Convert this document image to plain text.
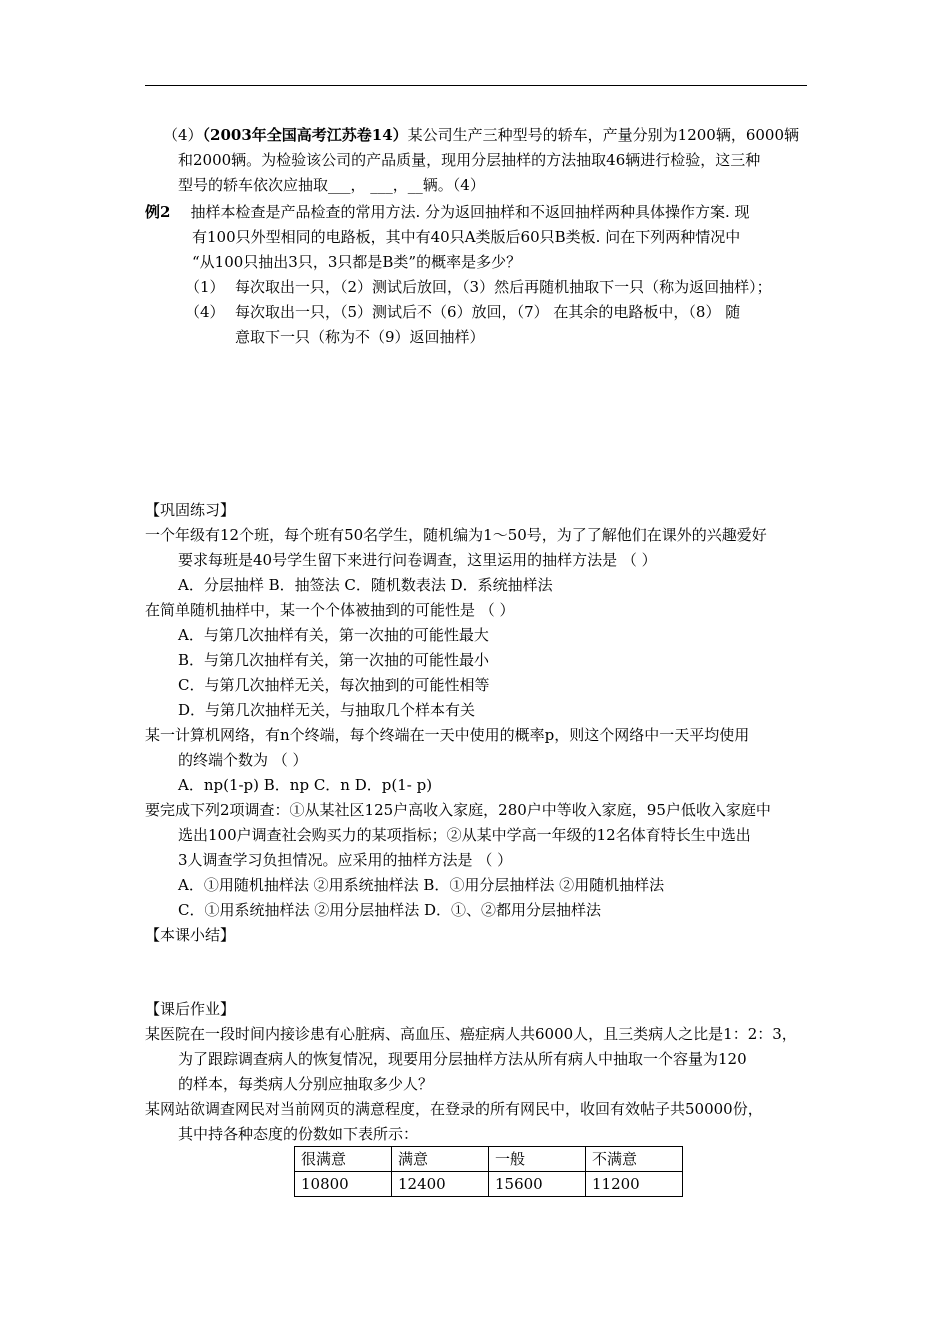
（4）（2003年全国高考江苏卷14）某公司生产三种型号的轿车，产量分别为1200辆，6000辆
和2000辆。为检验该公司的产品质量，现用分层抽样的方法抽取46辆进行检验，这三种
型号的轿车依次应抽取___， ___，__辆。（4）
例2 抽样本检查是产品检查的常用方法. 分为返回抽样和不返回抽样两种具体操作方案. 现
有100只外型相同的电路板，其中有40只A类版后60只B类板. 问在下列两种情况中
“从100只抽出3只，3只都是B类”的概率是多少？
（1） 每次取出一只，（2）测试后放回，（3）然后再随机抽取下一只（称为返回抽样）；
（4） 每次取出一只，（5）测试后不（6）放回，（7） 在其余的电路板中，（8） 随
意取下一只（称为不（9）返回抽样）
【巩固练习】
一个年级有12个班，每个班有50名学生，随机编为1～50号，为了了解他们在课外的兴趣爱好
要求每班是40号学生留下来进行问卷调查，这里运用的抽样方法是 （ ）
A．分层抽样 B．抽签法 C．随机数表法 D．系统抽样法
在简单随机抽样中，某一个个体被抽到的可能性是 （ ）
A．与第几次抽样有关，第一次抽的可能性最大
B．与第几次抽样有关，第一次抽的可能性最小
C．与第几次抽样无关，每次抽到的可能性相等
D．与第几次抽样无关，与抽取几个样本有关
某一计算机网络，有n个终端，每个终端在一天中使用的概率p，则这个网络中一天平均使用
的终端个数为 （ ）
A．np(1-p) B．np C．n D．p(1- p)
要完成下列2项调查：①从某社区125户高收入家庭，280户中等收入家庭，95户低收入家庭中
选出100户调查社会购买力的某项指标；②从某中学高一年级的12名体育特长生中选出
3人调查学习负担情况。应采用的抽样方法是 （ ）
A．①用随机抽样法 ②用系统抽样法 B．①用分层抽样法 ②用随机抽样法
C．①用系统抽样法 ②用分层抽样法 D．①、②都用分层抽样法
【本课小结】
【课后作业】
某医院在一段时间内接诊患有心脏病、高血压、癌症病人共6000人，且三类病人之比是1：2：3，
为了跟踪调查病人的恢复情况，现要用分层抽样方法从所有病人中抽取一个容量为120
的样本，每类病人分别应抽取多少人？
某网站欲调查网民对当前网页的满意程度，在登录的所有网民中，收回有效帖子共50000份，
其中持各种态度的份数如下表所示：
很满意	满意	一般	不满意
10800	12400	15600	11200
